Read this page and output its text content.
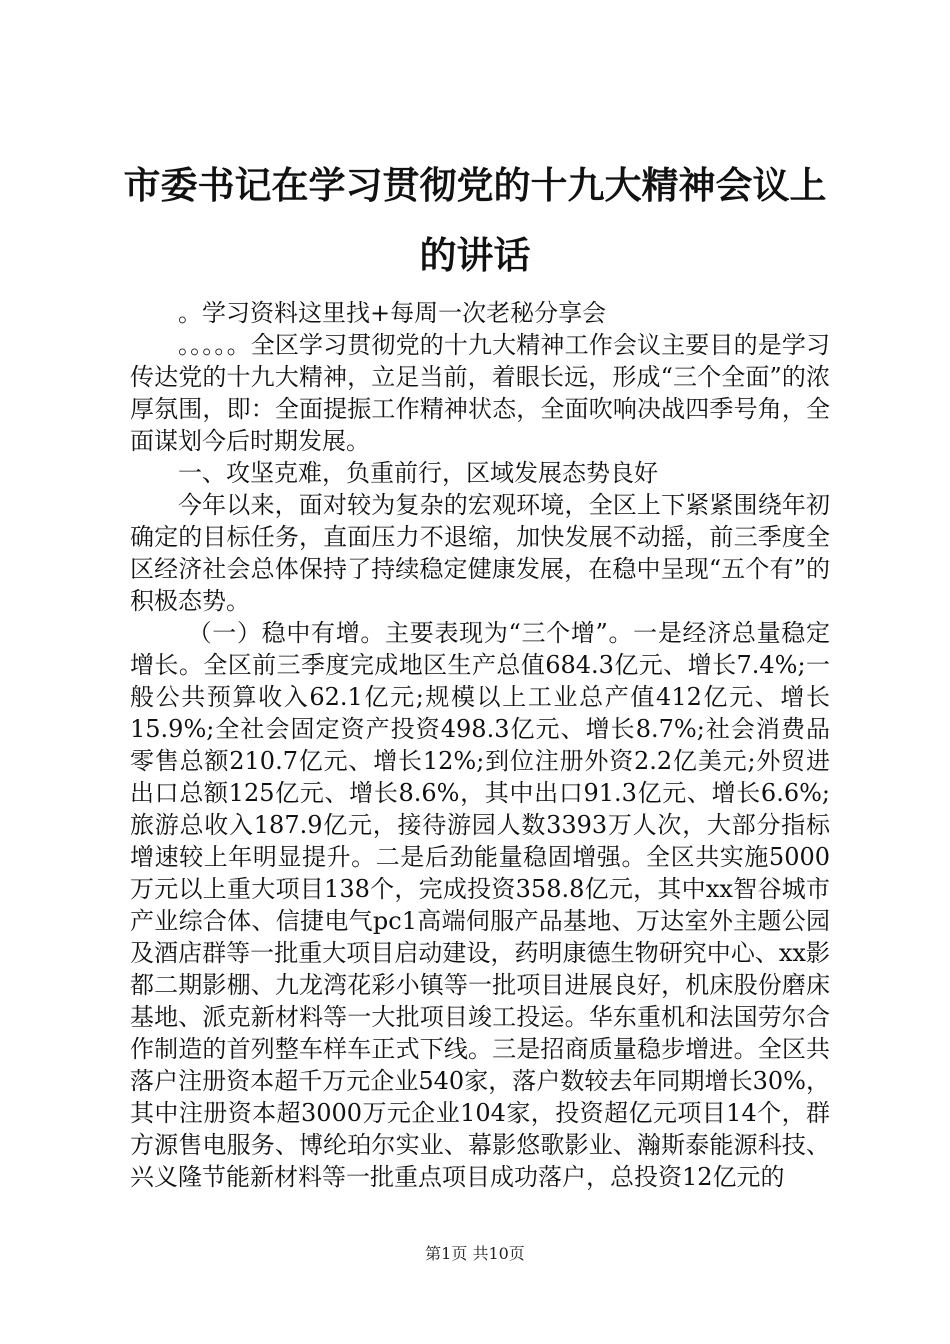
市委书记在学习贯彻党的十九大精神会议上的讲话

。学习资料这里找+每周一次老秘分享会

。。。。。全区学习贯彻党的十九大精神工作会议主要目的是学习传达党的十九大精神，立足当前，着眼长远，形成“三个全面”的浓厚氛围，即：全面提振工作精神状态，全面吹响决战四季号角，全面谋划今后时期发展。

一、攻坚克难，负重前行，区域发展态势良好

今年以来，面对较为复杂的宏观环境，全区上下紧紧围绕年初确定的目标任务，直面压力不退缩，加快发展不动摇，前三季度全区经济社会总体保持了持续稳定健康发展，在稳中呈现“五个有”的积极态势。

（一）稳中有增。主要表现为“三个增”。一是经济总量稳定增长。全区前三季度完成地区生产总值684.3亿元、增长7.4%;一般公共预算收入62.1亿元;规模以上工业总产值412亿元、增长15.9%;全社会固定资产投资498.3亿元、增长8.7%;社会消费品零售总额210.7亿元、增长12%;到位注册外资2.2亿美元;外贸进出口总额125亿元、增长8.6%，其中出口91.3亿元、增长6.6%;旅游总收入187.9亿元，接待游园人数3393万人次，大部分指标增速较上年明显提升。二是后劲能量稳固增强。全区共实施5000万元以上重大项目138个，完成投资358.8亿元，其中xx智谷城市产业综合体、信捷电气pc1高端伺服产品基地、万达室外主题公园及酒店群等一批重大项目启动建设，药明康德生物研究中心、xx影都二期影棚、九龙湾花彩小镇等一批项目进展良好，机床股份磨床基地、派克新材料等一大批项目竣工投运。华东重机和法国劳尔合作制造的首列整车样车正式下线。三是招商质量稳步增进。全区共落户注册资本超千万元企业540家，落户数较去年同期增长30%，其中注册资本超3000万元企业104家，投资超亿元项目14个，群方源售电服务、博纶珀尔实业、幕影悠歌影业、瀚斯泰能源科技、兴义隆节能新材料等一批重点项目成功落户，总投资12亿元的

第1页 共10页
